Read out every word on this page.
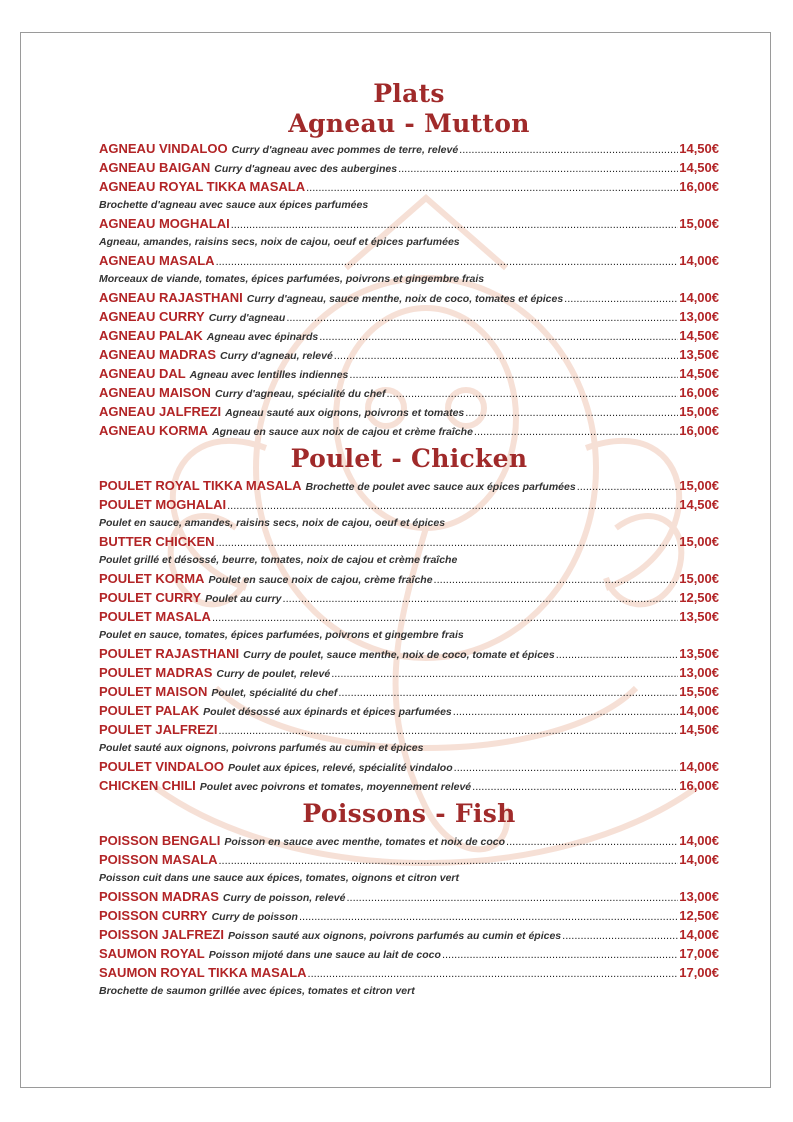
Plats
Agneau - Mutton
AGNEAU VINDALOO Curry d'agneau avec pommes de terre, relevé .....	14,50€
AGNEAU BAIGAN Curry d'agneau avec des aubergines .....	14,50€
AGNEAU ROYAL TIKKA MASALA .....	16,00€
Brochette d'agneau avec sauce aux épices parfumées
AGNEAU MOGHALAI .....	15,00€
Agneau, amandes, raisins secs, noix de cajou, oeuf et épices parfumées
AGNEAU MASALA .....	14,00€
Morceaux de viande, tomates, épices parfumées, poivrons et gingembre frais
AGNEAU RAJASTHANI Curry d'agneau, sauce menthe, noix de coco, tomates et épices .....	14,00€
AGNEAU CURRY Curry d'agneau .....	13,00€
AGNEAU PALAK Agneau avec épinards .....	14,50€
AGNEAU MADRAS Curry d'agneau, relevé .....	13,50€
AGNEAU DAL Agneau avec lentilles indiennes .....	14,50€
AGNEAU MAISON Curry d'agneau, spécialité du chef .....	16,00€
AGNEAU JALFREZI Agneau sauté aux oignons, poivrons et tomates .....	15,00€
AGNEAU KORMA Agneau en sauce aux noix de cajou et crème fraîche .....	16,00€
Poulet - Chicken
POULET ROYAL TIKKA MASALA Brochette de poulet avec sauce aux épices parfumées .....	15,00€
POULET MOGHALAI .....	14,50€
Poulet en sauce, amandes, raisins secs, noix de cajou, oeuf et épices
BUTTER CHICKEN .....	15,00€
Poulet grillé et désossé, beurre, tomates, noix de cajou et crème fraîche
POULET KORMA Poulet en sauce noix de cajou, crème fraîche .....	15,00€
POULET CURRY Poulet au curry .....	12,50€
POULET MASALA .....	13,50€
Poulet en sauce, tomates, épices parfumées, poivrons et gingembre frais
POULET RAJASTHANI Curry de poulet, sauce menthe, noix de coco, tomate et épices .....	13,50€
POULET MADRAS Curry de poulet, relevé .....	13,00€
POULET MAISON Poulet, spécialité du chef .....	15,50€
POULET PALAK Poulet désossé aux épinards et épices parfumées .....	14,00€
POULET JALFREZI .....	14,50€
Poulet sauté aux oignons, poivrons parfumés au cumin et épices
POULET VINDALOO Poulet aux épices, relevé, spécialité vindaloo .....	14,00€
CHICKEN CHILI Poulet avec poivrons et tomates, moyennement relevé .....	16,00€
Poissons - Fish
POISSON BENGALI Poisson en sauce avec menthe, tomates et noix de coco .....	14,00€
POISSON MASALA .....	14,00€
Poisson cuit dans une sauce aux épices, tomates, oignons et citron vert
POISSON MADRAS Curry de poisson, relevé .....	13,00€
POISSON CURRY Curry de poisson .....	12,50€
POISSON JALFREZI Poisson sauté aux oignons, poivrons parfumés au cumin et épices .....	14,00€
SAUMON ROYAL Poisson mijoté dans une sauce au lait de coco .....	17,00€
SAUMON ROYAL TIKKA MASALA .....	17,00€
Brochette de saumon grillée avec épices, tomates et citron vert
